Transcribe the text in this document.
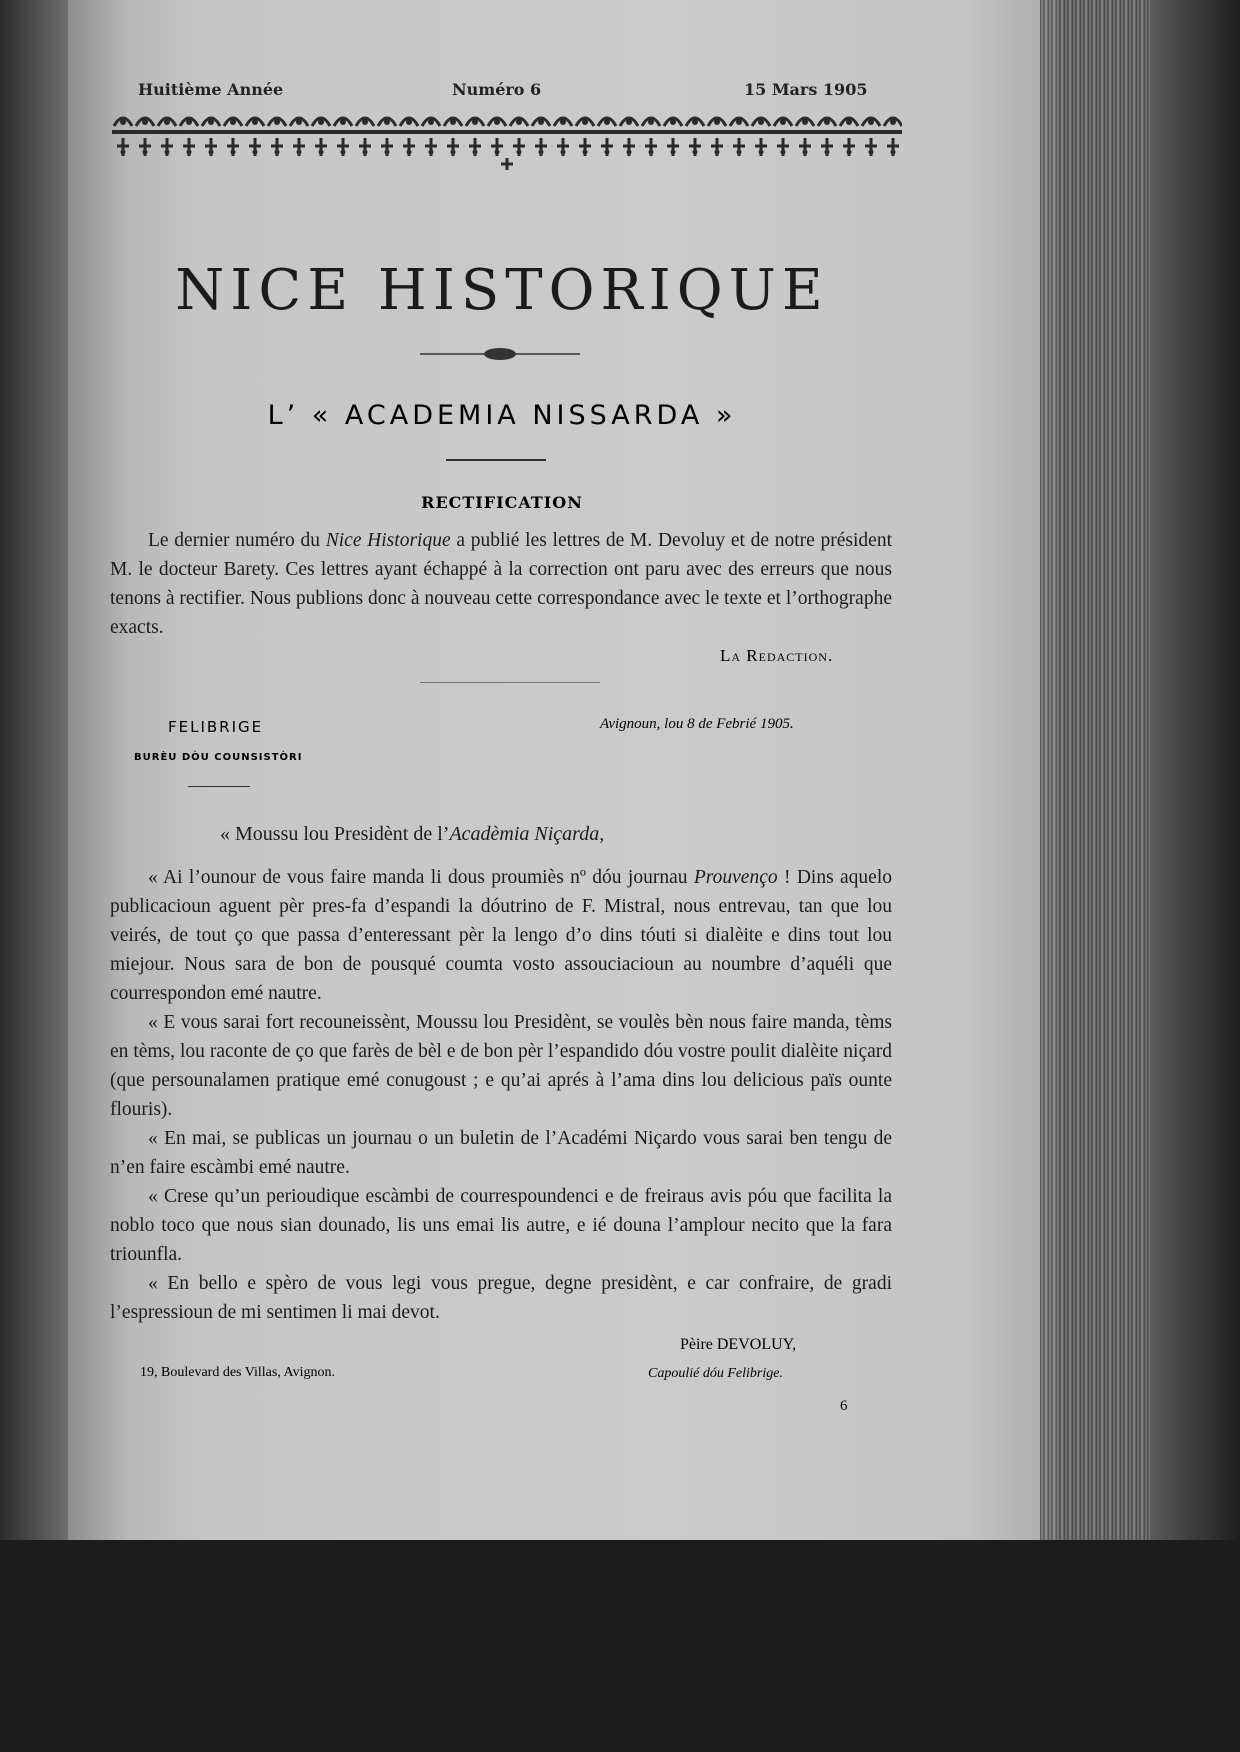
Huitième Année	Numéro 6	15 Mars 1905
NICE HISTORIQUE
L’ « ACADEMIA NISSARDA »
RECTIFICATION

Le dernier numéro du Nice Historique a publié les lettres de M. Devoluy et de notre président M. le docteur Barety. Ces lettres ayant échappé à la correction ont paru avec des erreurs que nous tenons à rectifier. Nous publions donc à nouveau cette correspondance avec le texte et l’orthographe exacts.

La Redaction.
FELIBRIGE
BURÈU DÒU COUNSISTÒRI
Avignoun, lou 8 de Febrié 1905.

« Moussu lou Presidènt de l’Acadèmia Niçarda,

« Ai l’ounour de vous faire manda li dous proumiès nº dóu journau Prouvenço ! Dins aquelo publicacioun aguent pèr pres-fa d’espandi la dóutrino de F. Mistral, nous entrevau, tan que lou veirés, de tout ço que passa d’enteressant pèr la lengo d’o dins tóuti si dialèite e dins tout lou miejour. Nous sara de bon de pousqué coumta vosto assouciacioun au noumbre d’aquéli que courrespondon emé nautre.

« E vous sarai fort recouneissènt, Moussu lou Presidènt, se voulès bèn nous faire manda, tèms en tèms, lou raconte de ço que farès de bèl e de bon pèr l’espandido dóu vostre poulit dialèite niçard (que persounalamen pratique emé conugoust ; e qu’ai aprés à l’ama dins lou delicious païs ounte flouris).

« En mai, se publicas un journau o un buletin de l’Académi Niçardo vous sarai ben tengu de n’en faire escàmbi emé nautre.

« Crese qu’un perioudique escàmbi de courrespoundenci e de freiraus avis póu que facilita la noblo toco que nous sian dounado, lis uns emai lis autre, e ié douna l’amplour necito que la fara triounfla.

« En bello e spèro de vous legi vous pregue, degne presidènt, e car confraire, de gradi l’espressioun de mi sentimen li mai devot.

Pèire DEVOLUY,
Capoulié dóu Felibrige.
19, Boulevard des Villas, Avignon.
6
